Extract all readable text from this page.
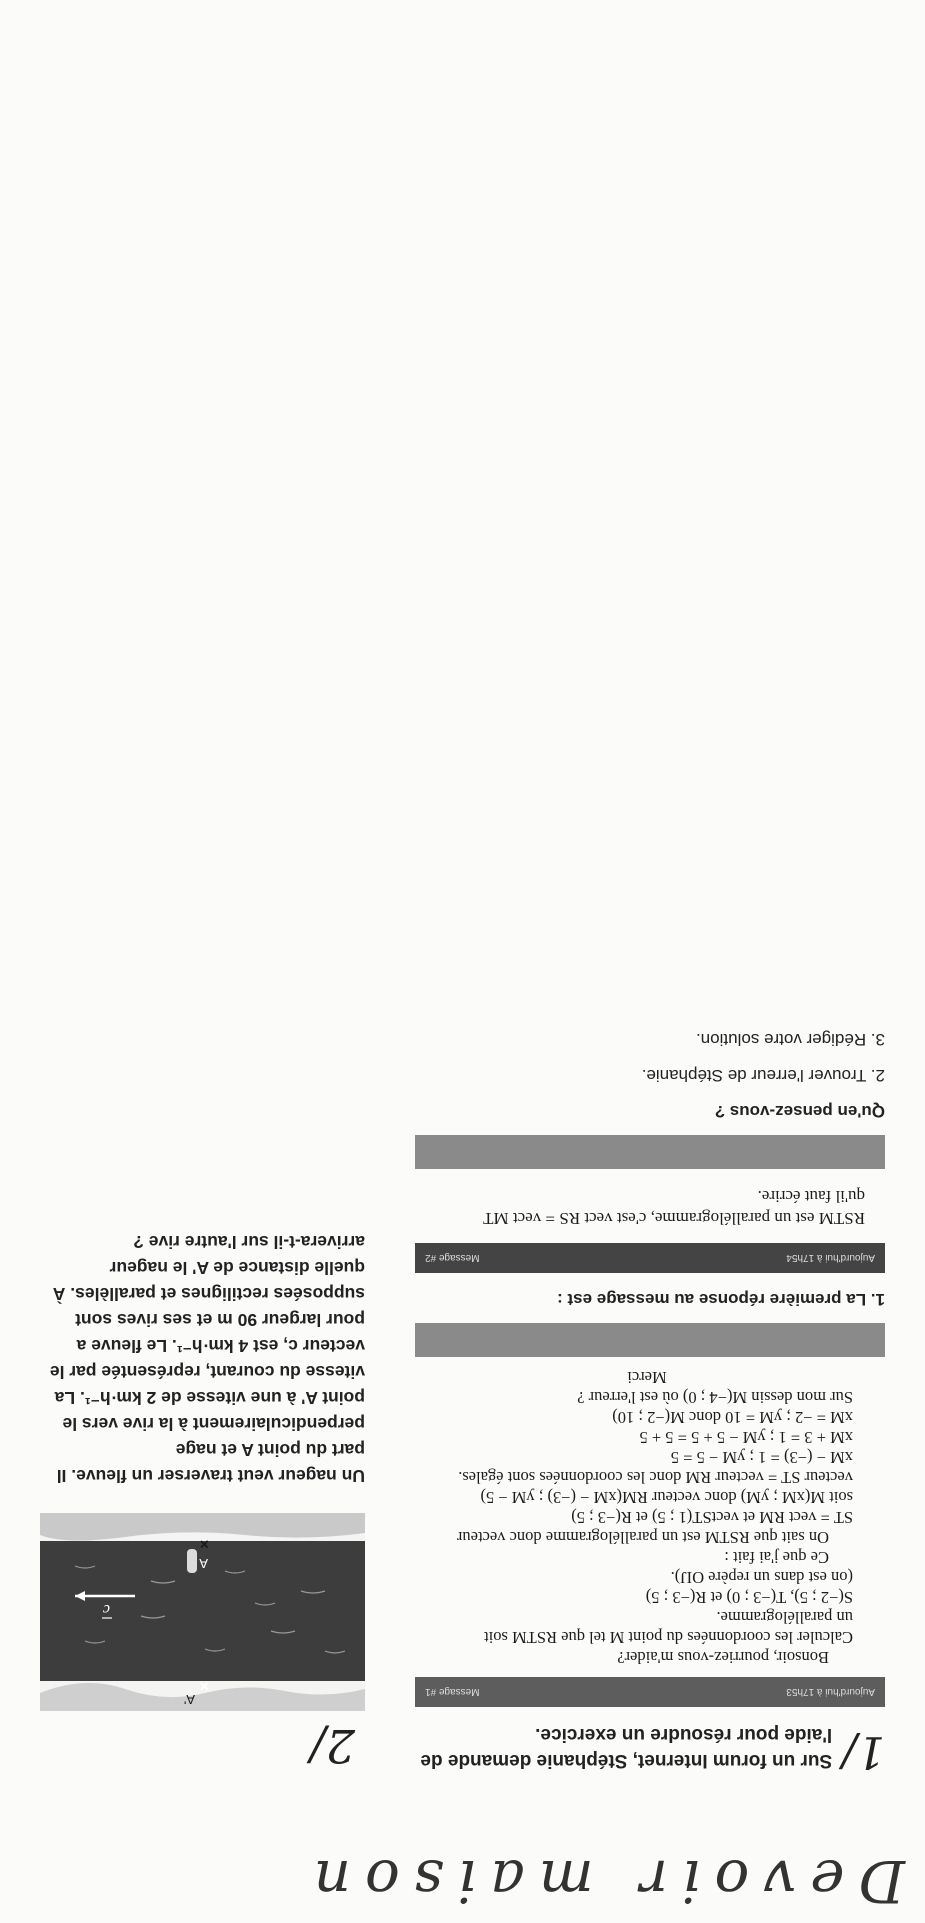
Devoir maison
1/
Sur un forum Internet, Stéphanie demande de l'aide pour résoudre un exercice.
Aujourd'hui à 17h53
Message #1

Bonsoir, pourriez-vous m'aider?

Calculer les coordonnées du point M tel que RSTM soit

un parallélogramme.

S(−2 ; 5), T(−3 ; 0) et R(−3 ; 5)

(on est dans un repère OIJ).

Ce que j'ai fait :

On sait que RSTM est un parallélogramme donc vecteur

ST = vect RM et vectST(1 ; 5) et R(−3 ; 5)

soit M(xM ; yM) donc vecteur RM(xM − (−3) ; yM − 5)

vecteur ST = vecteur RM donc les coordonnées sont égales.

xM − (−3) = 1 ; yM − 5 = 5

xM + 3 = 1 ; yM − 5 + 5 = 5 + 5

xM = −2 ; yM = 10 donc M(−2 ; 10)

Sur mon dessin M(−4 ; 0) où est l'erreur ?

Merci

1. La première réponse au message est :
Aujourd'hui à 17h54
Message #2

RSTM est un parallélogramme, c'est vect RS = vect MT

qu'il faut écrire.

Qu'en pensez-vous ?
2. Trouver l'erreur de Stéphanie.
3. Rédiger votre solution.
2/
c
A
×
×
A'
Un nageur veut traverser un fleuve. Il part du point A et nage perpendiculairement à la rive vers le point A' à une vitesse de 2 km·h⁻¹. La vitesse du courant, représentée par le vecteur c, est 4 km·h⁻¹. Le fleuve a pour largeur 90 m et ses rives sont supposées rectilignes et parallèles. À quelle distance de A' le nageur arrivera-t-il sur l'autre rive ?
